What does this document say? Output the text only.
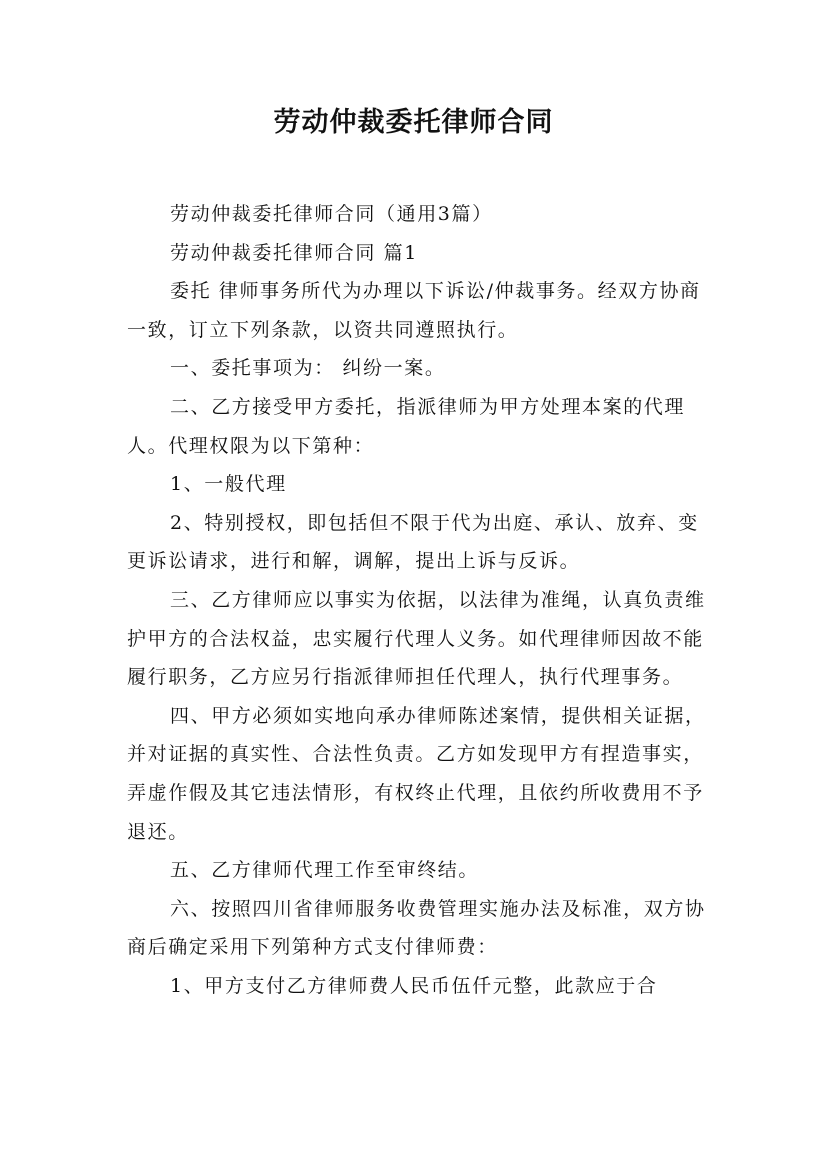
劳动仲裁委托律师合同

劳动仲裁委托律师合同（通用3篇）

劳动仲裁委托律师合同 篇1

委托 律师事务所代为办理以下诉讼/仲裁事务。经双方协商一致，订立下列条款，以资共同遵照执行。

一、委托事项为： 纠纷一案。

二、乙方接受甲方委托，指派律师为甲方处理本案的代理人。代理权限为以下第种：

1、一般代理

2、特别授权，即包括但不限于代为出庭、承认、放弃、变更诉讼请求，进行和解，调解，提出上诉与反诉。

三、乙方律师应以事实为依据，以法律为准绳，认真负责维护甲方的合法权益，忠实履行代理人义务。如代理律师因故不能履行职务，乙方应另行指派律师担任代理人，执行代理事务。

四、甲方必须如实地向承办律师陈述案情，提供相关证据，并对证据的真实性、合法性负责。乙方如发现甲方有捏造事实，弄虚作假及其它违法情形，有权终止代理，且依约所收费用不予退还。

五、乙方律师代理工作至审终结。

六、按照四川省律师服务收费管理实施办法及标准，双方协商后确定采用下列第种方式支付律师费：

1、甲方支付乙方律师费人民币伍仟元整，此款应于合
